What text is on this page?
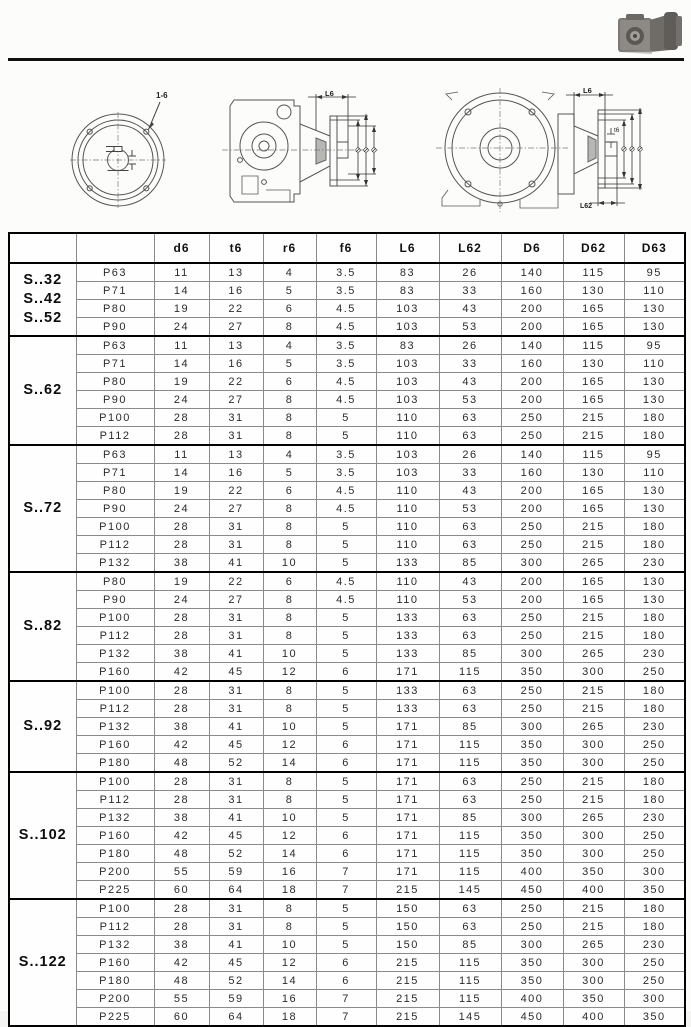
1-6	L6	L6
t6
L62
		d6	t6	r6	f6	L6	L62	D6	D62	D63

S..32
S..42
S..52	P63	11	13	4	3.5	83	26	140	115	95
	P71	14	16	5	3.5	83	33	160	130	110
	P80	19	22	6	4.5	103	43	200	165	130
	P90	24	27	8	4.5	103	53	200	165	130

S..62	P63	11	13	4	3.5	83	26	140	115	95
	P71	14	16	5	3.5	103	33	160	130	110
	P80	19	22	6	4.5	103	43	200	165	130
	P90	24	27	8	4.5	103	53	200	165	130
	P100	28	31	8	5	110	63	250	215	180
	P112	28	31	8	5	110	63	250	215	180

S..72	P63	11	13	4	3.5	103	26	140	115	95
	P71	14	16	5	3.5	103	33	160	130	110
	P80	19	22	6	4.5	110	43	200	165	130
	P90	24	27	8	4.5	110	53	200	165	130
	P100	28	31	8	5	110	63	250	215	180
	P112	28	31	8	5	110	63	250	215	180
	P132	38	41	10	5	133	85	300	265	230

S..82	P80	19	22	6	4.5	110	43	200	165	130
	P90	24	27	8	4.5	110	53	200	165	130
	P100	28	31	8	5	133	63	250	215	180
	P112	28	31	8	5	133	63	250	215	180
	P132	38	41	10	5	133	85	300	265	230
	P160	42	45	12	6	171	115	350	300	250

S..92	P100	28	31	8	5	133	63	250	215	180
	P112	28	31	8	5	133	63	250	215	180
	P132	38	41	10	5	171	85	300	265	230
	P160	42	45	12	6	171	115	350	300	250
	P180	48	52	14	6	171	115	350	300	250

S..102	P100	28	31	8	5	171	63	250	215	180
	P112	28	31	8	5	171	63	250	215	180
	P132	38	41	10	5	171	85	300	265	230
	P160	42	45	12	6	171	115	350	300	250
	P180	48	52	14	6	171	115	350	300	250
	P200	55	59	16	7	171	115	400	350	300
	P225	60	64	18	7	215	145	450	400	350

S..122	P100	28	31	8	5	150	63	250	215	180
	P112	28	31	8	5	150	63	250	215	180
	P132	38	41	10	5	150	85	300	265	230
	P160	42	45	12	6	215	115	350	300	250
	P180	48	52	14	6	215	115	350	300	250
	P200	55	59	16	7	215	115	400	350	300
	P225	60	64	18	7	215	145	450	400	350
